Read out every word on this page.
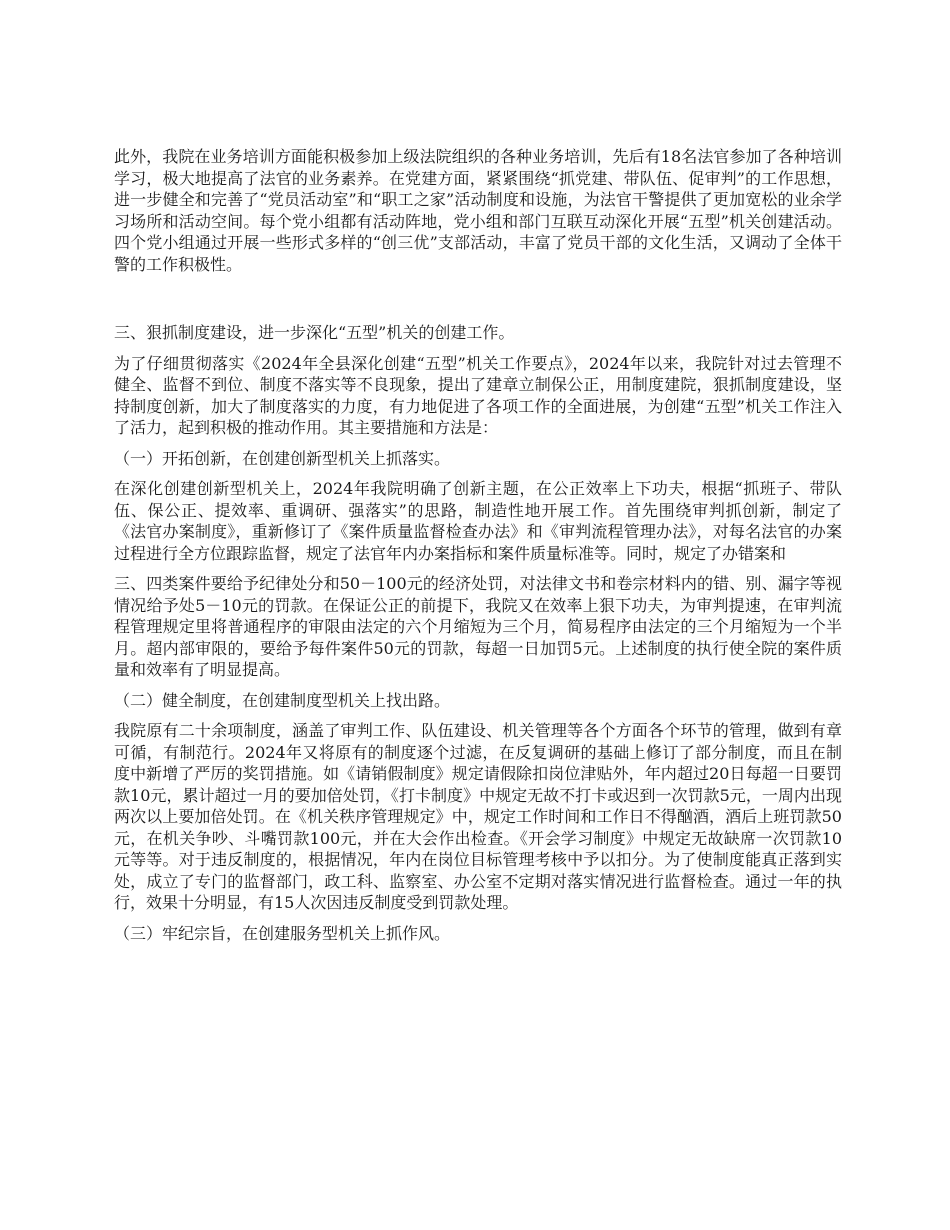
此外，我院在业务培训方面能积极参加上级法院组织的各种业务培训，先后有18名法官参加了各种培训学习，极大地提高了法官的业务素养。在党建方面，紧紧围绕“抓党建、带队伍、促审判”的工作思想，进一步健全和完善了“党员活动室”和“职工之家”活动制度和设施，为法官干警提供了更加宽松的业余学习场所和活动空间。每个党小组都有活动阵地，党小组和部门互联互动深化开展“五型”机关创建活动。四个党小组通过开展一些形式多样的“创三优”支部活动，丰富了党员干部的文化生活，又调动了全体干警的工作积极性。

三、狠抓制度建设，进一步深化“五型”机关的创建工作。

为了仔细贯彻落实《2024年全县深化创建“五型”机关工作要点》，2024年以来，我院针对过去管理不健全、监督不到位、制度不落实等不良现象，提出了建章立制保公正，用制度建院，狠抓制度建设，坚持制度创新，加大了制度落实的力度，有力地促进了各项工作的全面进展，为创建“五型”机关工作注入了活力，起到积极的推动作用。其主要措施和方法是：

（一）开拓创新，在创建创新型机关上抓落实。

在深化创建创新型机关上，2024年我院明确了创新主题，在公正效率上下功夫，根据“抓班子、带队伍、保公正、提效率、重调研、强落实”的思路，制造性地开展工作。首先围绕审判抓创新，制定了《法官办案制度》，重新修订了《案件质量监督检查办法》和《审判流程管理办法》，对每名法官的办案过程进行全方位跟踪监督，规定了法官年内办案指标和案件质量标准等。同时，规定了办错案和

三、四类案件要给予纪律处分和50－100元的经济处罚，对法律文书和卷宗材料内的错、别、漏字等视情况给予处5－10元的罚款。在保证公正的前提下，我院又在效率上狠下功夫，为审判提速，在审判流程管理规定里将普通程序的审限由法定的六个月缩短为三个月，简易程序由法定的三个月缩短为一个半月。超内部审限的，要给予每件案件50元的罚款，每超一日加罚5元。上述制度的执行使全院的案件质量和效率有了明显提高。

（二）健全制度，在创建制度型机关上找出路。

我院原有二十余项制度，涵盖了审判工作、队伍建设、机关管理等各个方面各个环节的管理，做到有章可循，有制范行。2024年又将原有的制度逐个过滤，在反复调研的基础上修订了部分制度，而且在制度中新增了严厉的奖罚措施。如《请销假制度》规定请假除扣岗位津贴外，年内超过20日每超一日要罚款10元，累计超过一月的要加倍处罚，《打卡制度》中规定无故不打卡或迟到一次罚款5元，一周内出现两次以上要加倍处罚。在《机关秩序管理规定》中，规定工作时间和工作日不得酗酒，酒后上班罚款50元，在机关争吵、斗嘴罚款100元，并在大会作出检查。《开会学习制度》中规定无故缺席一次罚款10元等等。对于违反制度的，根据情况，年内在岗位目标管理考核中予以扣分。为了使制度能真正落到实处，成立了专门的监督部门，政工科、监察室、办公室不定期对落实情况进行监督检查。通过一年的执行，效果十分明显，有15人次因违反制度受到罚款处理。

（三）牢纪宗旨，在创建服务型机关上抓作风。
